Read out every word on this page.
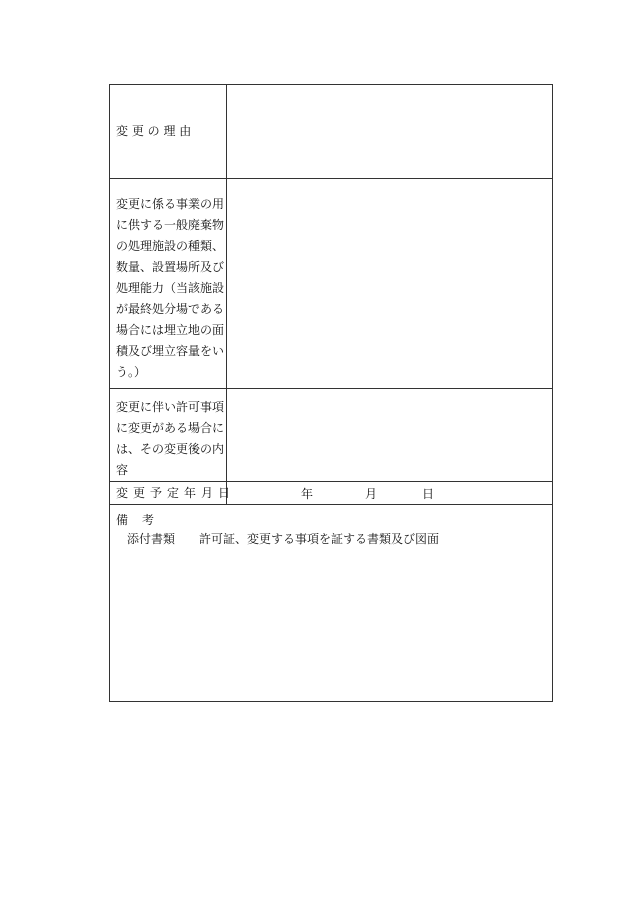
変 更 の 理 由
変更に係る事業の用
に供する一般廃棄物
の処理施設の種類、
数量、設置場所及び
処理能力（当該施設
が最終処分場である
場合には埋立地の面
積及び埋立容量をい
う。）
変更に伴い許可事項
に変更がある場合に
は、その変更後の内
容
変更予定年月日	年	月	日
備考
添付書類 許可証、変更する事項を証する書類及び図面
